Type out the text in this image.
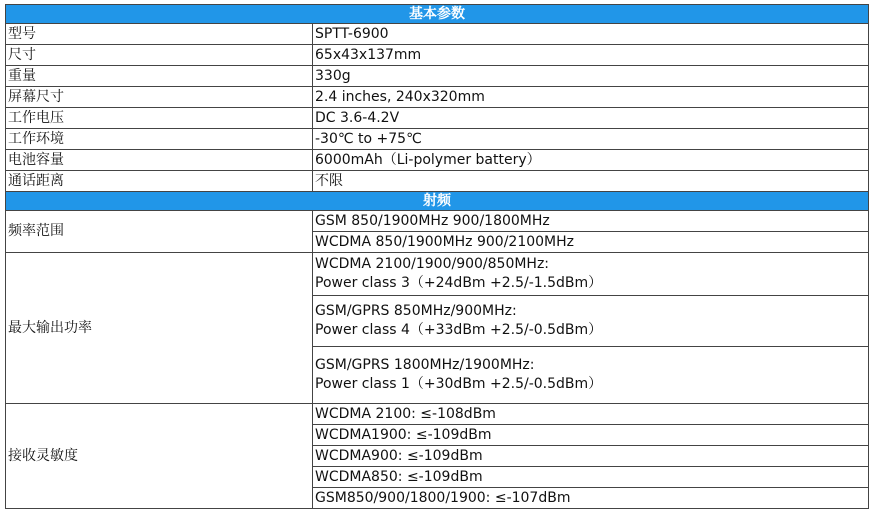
基本参数	
型号	SPTT-6900
尺寸	65x43x137mm
重量	330g
屏幕尺寸	2.4 inches, 240x320mm
工作电压	DC 3.6-4.2V
工作环境	-30℃ to +75℃
电池容量	6000mAh（Li-polymer battery）
通话距离	不限
射频	
频率范围	GSM 850/1900MHz 900/1800MHz
	WCDMA 850/1900MHz 900/2100MHz
最大输出功率	WCDMA 2100/1900/900/850MHz:
Power class 3（+24dBm +2.5/-1.5dBm）

	GSM/GPRS 850MHz/900MHz:
Power class 4（+33dBm +2.5/-0.5dBm）

	GSM/GPRS 1800MHz/1900MHz:
Power class 1（+30dBm +2.5/-0.5dBm）

接收灵敏度	WCDMA 2100: ≤-108dBm
	WCDMA1900: ≤-109dBm
	WCDMA900: ≤-109dBm
	WCDMA850: ≤-109dBm
	GSM850/900/1800/1900: ≤-107dBm
